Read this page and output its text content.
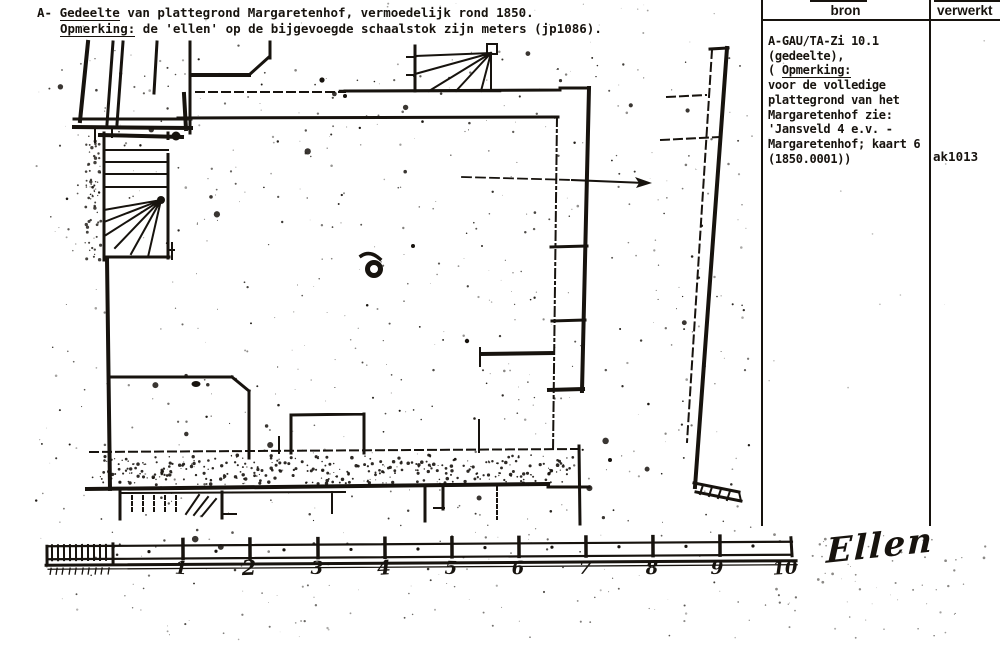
A- Gedeelte van plattegrond Margaretenhof, vermoedelijk rond 1850.
Opmerking: de 'ellen' op de bijgevoegde schaalstok zijn meters (jp1086).
bron	verwerkt
A-GAU/TA-Zi 10.1
(gedeelte),
( Opmerking:
voor de volledige
plattegrond van het
Margaretenhof zie:
'Jansveld 4 e.v. -
Margaretenhof; kaart 6
(1850.0001))	ak1013
1	2	3	4	5	6	7	8	9	10 Ellen
